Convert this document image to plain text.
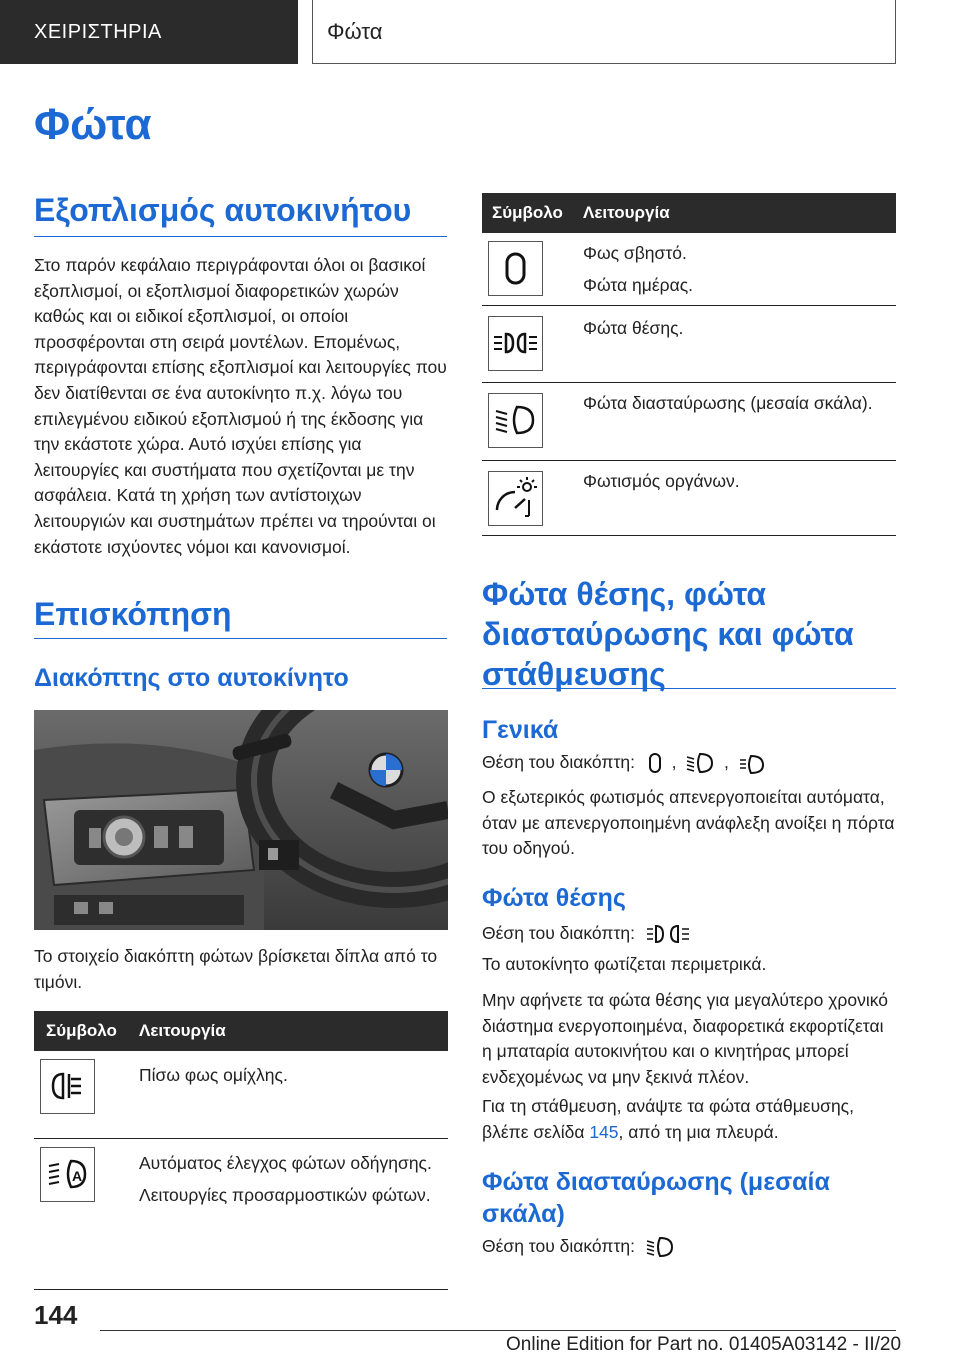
ΧΕΙΡΙΣΤΗΡΙΑ	Φώτα
Φώτα
Εξοπλισμός αυτοκινήτου

Στο παρόν κεφάλαιο περιγράφονται όλοι οι βασικοί εξοπλισμοί, οι εξοπλισμοί διαφορετικών χωρών καθώς και οι ειδικοί εξοπλισμοί, οι οποίοι προσφέρονται στη σειρά μοντέλων. Επομένως, περιγράφονται επίσης εξοπλισμοί και λειτουργίες που δεν διατίθενται σε ένα αυτοκίνητο π.χ. λόγω του επιλεγμένου ειδικού εξοπλισμού ή της έκδοσης για την εκάστοτε χώρα. Αυτό ισχύει επίσης για λειτουργίες και συστήματα που σχετίζονται με την ασφάλεια. Κατά τη χρήση των αντίστοιχων λειτουργιών και συστημάτων πρέπει να τηρούνται οι εκάστοτε ισχύοντες νόμοι και κανονισμοί.

Επισκόπηση
Διακόπτης στο αυτοκίνητο

Το στοιχείο διακόπτη φώτων βρίσκεται δίπλα από το τιμόνι.

Σύμβολο Λειτουργία

Πίσω φως ομίχλης.

A

Αυτόματος έλεγχος φώτων οδήγησης.

Λειτουργίες προσαρμοστικών φώτων.

Σύμβολο Λειτουργία

Φως σβηστό.

Φώτα ημέρας.

Φώτα θέσης.

Φώτα διασταύρωσης (μεσαία σκάλα).

Φωτισμός οργάνων.

Φώτα θέσης, φώτα διασταύρωσης και φώτα στάθμευσης
Γενικά

Θέση του διακόπτη:   ,    ,

Ο εξωτερικός φωτισμός απενεργοποιείται αυτόματα, όταν με απενεργοποιημένη ανάφλεξη ανοίξει η πόρτα του οδηγού.

Φώτα θέσης

Θέση του διακόπτη:

Το αυτοκίνητο φωτίζεται περιμετρικά.

Μην αφήνετε τα φώτα θέσης για μεγαλύτερο χρονικό διάστημα ενεργοποιημένα, διαφορετικά εκφορτίζεται η μπαταρία αυτοκινήτου και ο κινητήρας μπορεί ενδεχομένως να μην ξεκινά πλέον.

Για τη στάθμευση, ανάψτε τα φώτα στάθμευσης, βλέπε σελίδα 145, από τη μια πλευρά.

Φώτα διασταύρωσης (μεσαία σκάλα)

Θέση του διακόπτη:

144
Online Edition for Part no. 01405A03142 - II/20
